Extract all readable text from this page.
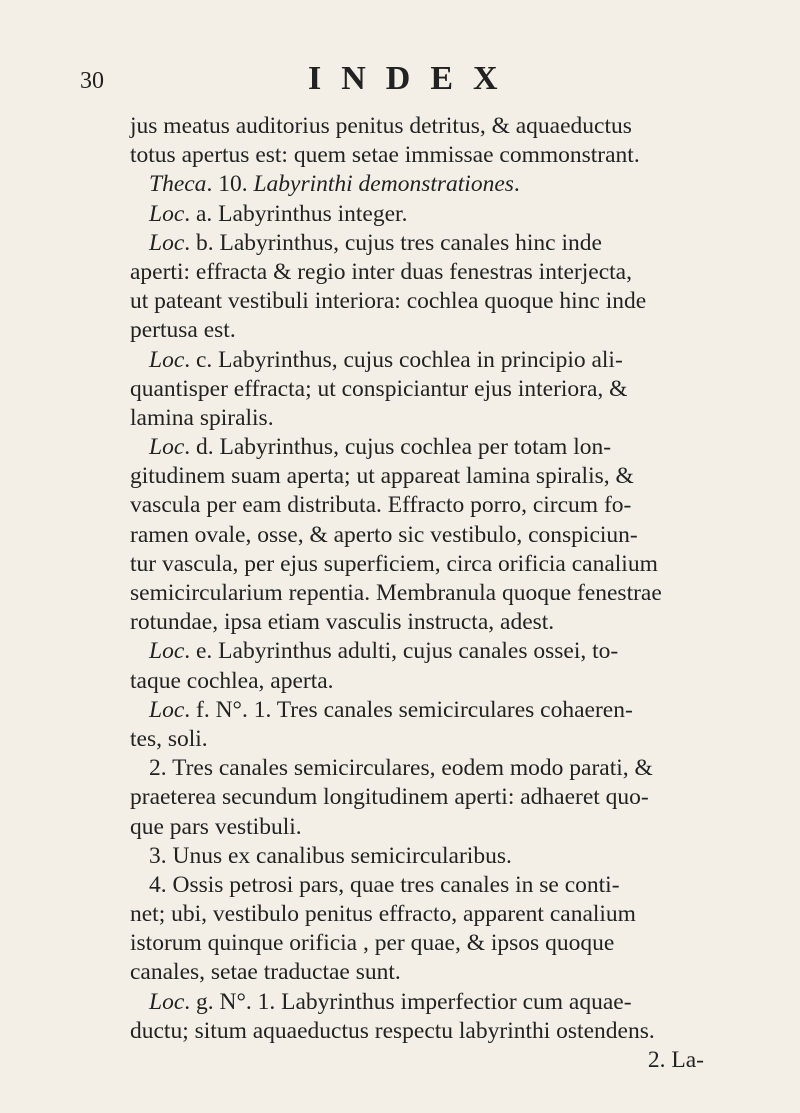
30	INDEX
jus meatus auditorius penitus detritus, & aquaeductus
totus apertus est: quem setae immissae commonstrant.
Theca. 10. Labyrinthi demonstrationes.
Loc. a. Labyrinthus integer.
Loc. b. Labyrinthus, cujus tres canales hinc inde
aperti: effracta & regio inter duas fenestras interjecta,
ut pateant vestibuli interiora: cochlea quoque hinc inde
pertusa est.
Loc. c. Labyrinthus, cujus cochlea in principio ali-
quantisper effracta; ut conspiciantur ejus interiora, &
lamina spiralis.
Loc. d. Labyrinthus, cujus cochlea per totam lon-
gitudinem suam aperta; ut appareat lamina spiralis, &
vascula per eam distributa. Effracto porro, circum fo-
ramen ovale, osse, & aperto sic vestibulo, conspiciun-
tur vascula, per ejus superficiem, circa orificia canalium
semicircularium repentia. Membranula quoque fenestrae
rotundae, ipsa etiam vasculis instructa, adest.
Loc. e. Labyrinthus adulti, cujus canales ossei, to-
taque cochlea, aperta.
Loc. f. N°. 1. Tres canales semicirculares cohaeren-
tes, soli.
2. Tres canales semicirculares, eodem modo parati, &
praeterea secundum longitudinem aperti: adhaeret quo-
que pars vestibuli.
3. Unus ex canalibus semicircularibus.
4. Ossis petrosi pars, quae tres canales in se conti-
net; ubi, vestibulo penitus effracto, apparent canalium
istorum quinque orificia , per quae, & ipsos quoque
canales, setae traductae sunt.
Loc. g. N°. 1. Labyrinthus imperfectior cum aquae-
ductu; situm aquaeductus respectu labyrinthi ostendens.
2. La-
